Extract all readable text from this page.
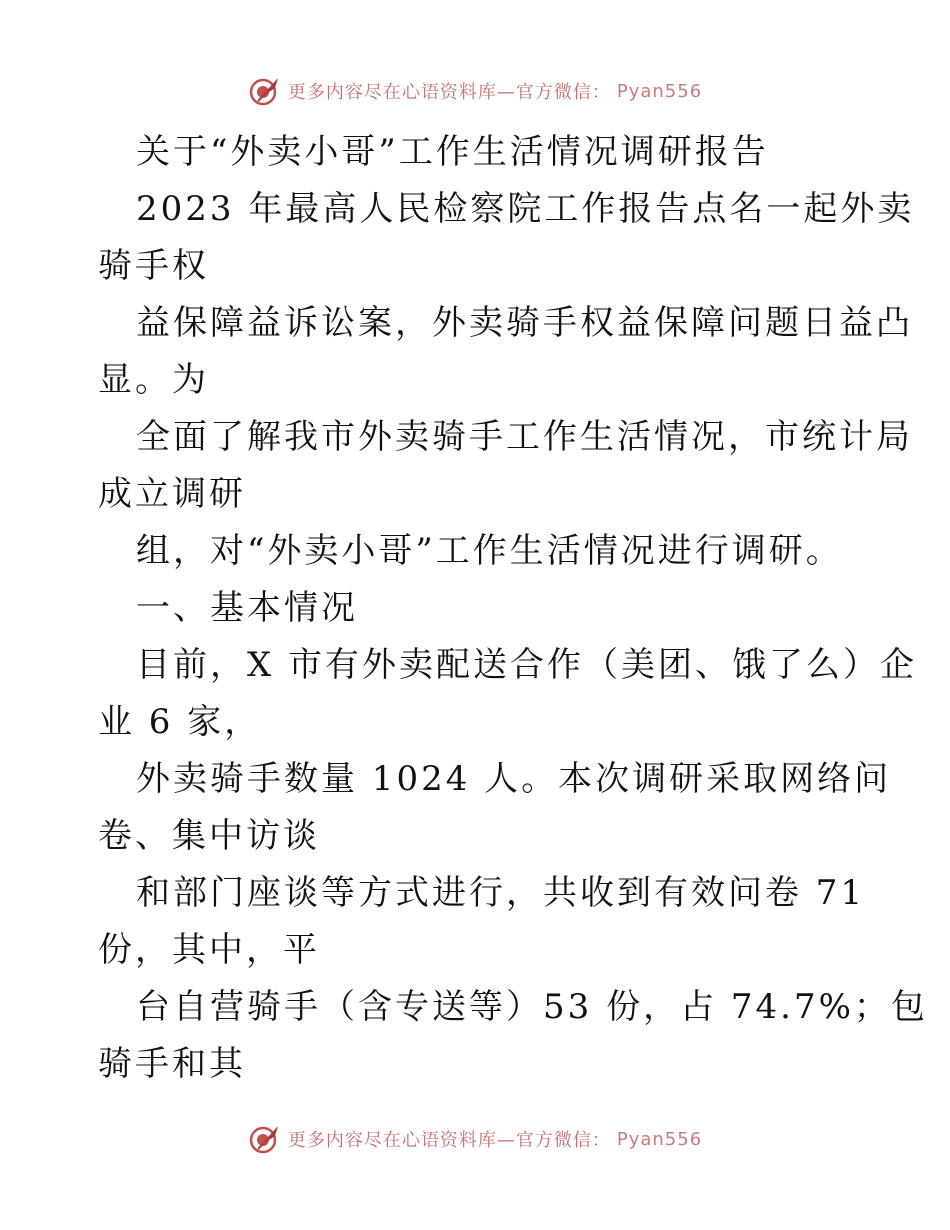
更多内容尽在心语资料库—官方微信： Pyan556

关于“外卖小哥”工作生活情况调研报告

2023 年最高人民检察院工作报告点名一起外卖
骑手权

益保障益诉讼案，外卖骑手权益保障问题日益凸
显。为

全面了解我市外卖骑手工作生活情况，市统计局
成立调研

组，对“外卖小哥”工作生活情况进行调研。

一、基本情况

目前，X 市有外卖配送合作（美团、饿了么）企
业 6 家，

外卖骑手数量 1024 人。本次调研采取网络问
卷、集中访谈

和部门座谈等方式进行，共收到有效问卷 71
份，其中，平

台自营骑手（含专送等）53 份，占 74.7%；包
骑手和其

更多内容尽在心语资料库—官方微信： Pyan556
